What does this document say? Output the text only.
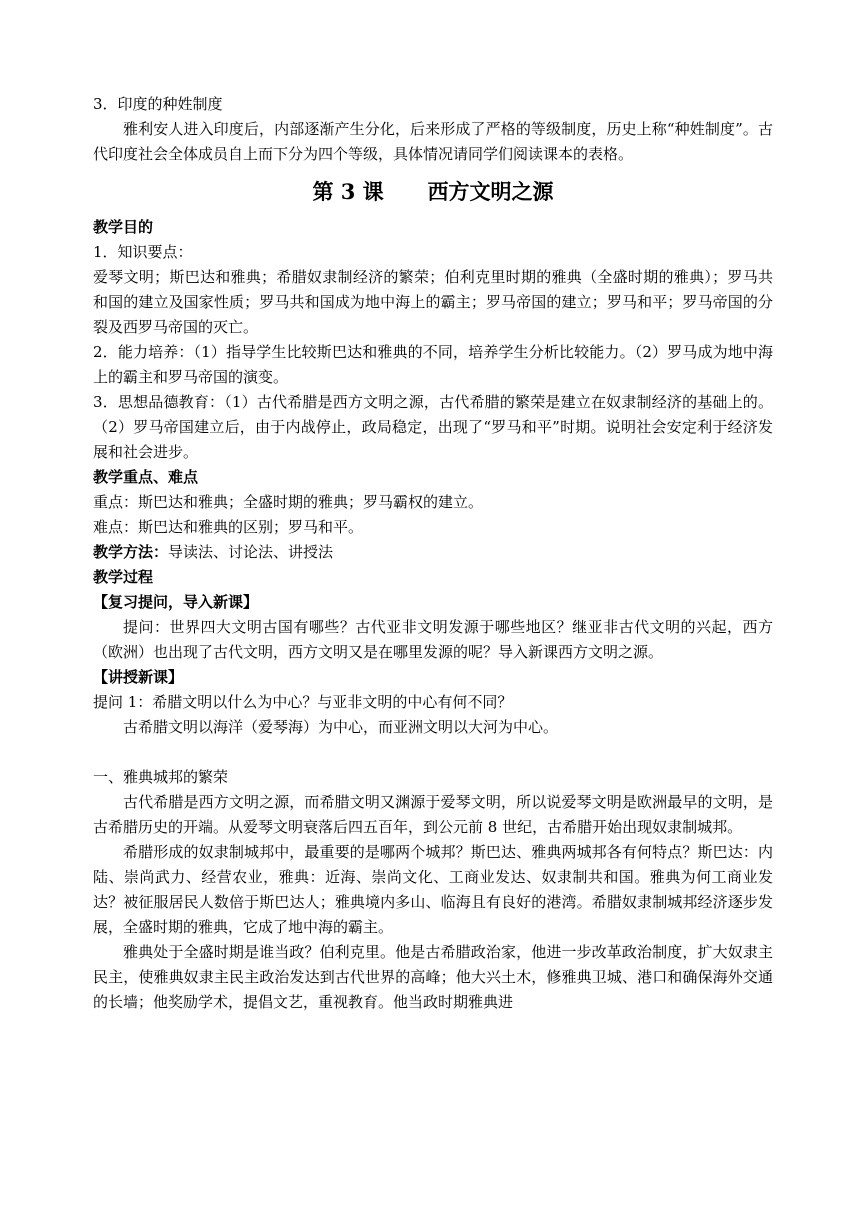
3．印度的种姓制度

雅利安人进入印度后，内部逐渐产生分化，后来形成了严格的等级制度，历史上称“种姓制度”。古代印度社会全体成员自上而下分为四个等级，具体情况请同学们阅读课本的表格。

第 3 课      西方文明之源

教学目的

1．知识要点：

爱琴文明；斯巴达和雅典；希腊奴隶制经济的繁荣；伯利克里时期的雅典（全盛时期的雅典）；罗马共和国的建立及国家性质；罗马共和国成为地中海上的霸主；罗马帝国的建立；罗马和平；罗马帝国的分裂及西罗马帝国的灭亡。

2．能力培养：（1）指导学生比较斯巴达和雅典的不同，培养学生分析比较能力。（2）罗马成为地中海上的霸主和罗马帝国的演变。

3．思想品德教育：（1）古代希腊是西方文明之源，古代希腊的繁荣是建立在奴隶制经济的基础上的。（2）罗马帝国建立后，由于内战停止，政局稳定，出现了“罗马和平”时期。说明社会安定利于经济发展和社会进步。

教学重点、难点

重点：斯巴达和雅典；全盛时期的雅典；罗马霸权的建立。

难点：斯巴达和雅典的区别；罗马和平。

教学方法：导读法、讨论法、讲授法

教学过程

【复习提问，导入新课】

提问：世界四大文明古国有哪些？古代亚非文明发源于哪些地区？继亚非古代文明的兴起，西方（欧洲）也出现了古代文明，西方文明又是在哪里发源的呢？导入新课西方文明之源。

【讲授新课】

提问 1：希腊文明以什么为中心？与亚非文明的中心有何不同？

古希腊文明以海洋（爱琴海）为中心，而亚洲文明以大河为中心。

一、雅典城邦的繁荣

古代希腊是西方文明之源，而希腊文明又渊源于爱琴文明，所以说爱琴文明是欧洲最早的文明，是古希腊历史的开端。从爱琴文明衰落后四五百年，到公元前 8 世纪，古希腊开始出现奴隶制城邦。

希腊形成的奴隶制城邦中，最重要的是哪两个城邦？斯巴达、雅典两城邦各有何特点？斯巴达：内陆、崇尚武力、经营农业，雅典：近海、崇尚文化、工商业发达、奴隶制共和国。雅典为何工商业发达？被征服居民人数倍于斯巴达人；雅典境内多山、临海且有良好的港湾。希腊奴隶制城邦经济逐步发展，全盛时期的雅典，它成了地中海的霸主。

雅典处于全盛时期是谁当政？伯利克里。他是古希腊政治家，他进一步改革政治制度，扩大奴隶主民主，使雅典奴隶主民主政治发达到古代世界的高峰；他大兴土木，修雅典卫城、港口和确保海外交通的长墙；他奖励学术，提倡文艺，重视教育。他当政时期雅典进
